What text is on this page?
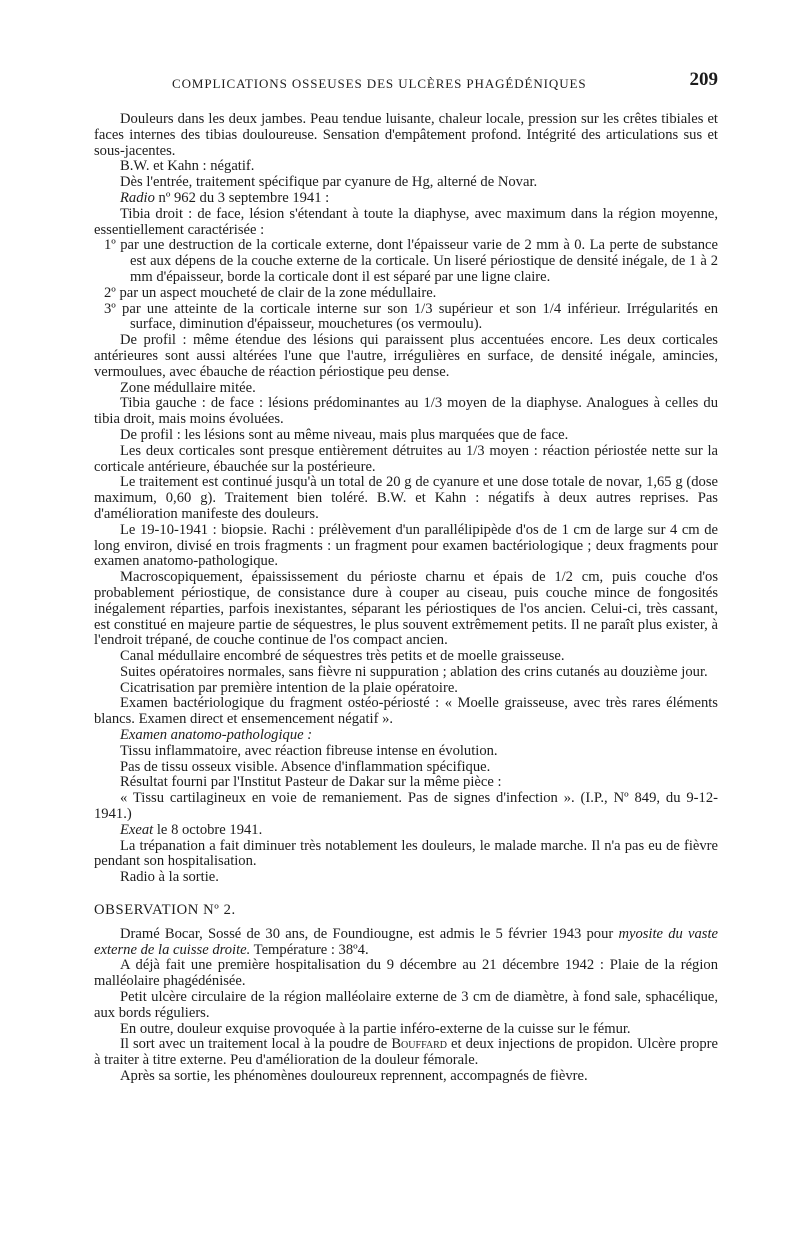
COMPLICATIONS OSSEUSES DES ULCÈRES PHAGÉDÉNIQUES	209

Douleurs dans les deux jambes. Peau tendue luisante, chaleur locale, pression sur les crêtes tibiales et faces internes des tibias douloureuse. Sensation d'empâtement profond. Intégrité des articulations sus et sous-jacentes.

B.W. et Kahn : négatif.

Dès l'entrée, traitement spécifique par cyanure de Hg, alterné de Novar.

Radio nº 962 du 3 septembre 1941 :

Tibia droit : de face, lésion s'étendant à toute la diaphyse, avec maximum dans la région moyenne, essentiellement caractérisée :

1º par une destruction de la corticale externe, dont l'épaisseur varie de 2 mm à 0. La perte de substance est aux dépens de la couche externe de la corticale. Un liseré périostique de densité inégale, de 1 à 2 mm d'épaisseur, borde la corticale dont il est séparé par une ligne claire.

2º par un aspect moucheté de clair de la zone médullaire.

3º par une atteinte de la corticale interne sur son 1/3 supérieur et son 1/4 inférieur. Irrégularités en surface, diminution d'épaisseur, mouchetures (os vermoulu).

De profil : même étendue des lésions qui paraissent plus accentuées encore. Les deux corticales antérieures sont aussi altérées l'une que l'autre, irrégulières en surface, de densité inégale, amincies, vermoulues, avec ébauche de réaction périostique peu dense.

Zone médullaire mitée.

Tibia gauche : de face : lésions prédominantes au 1/3 moyen de la diaphyse. Analogues à celles du tibia droit, mais moins évoluées.

De profil : les lésions sont au même niveau, mais plus marquées que de face.

Les deux corticales sont presque entièrement détruites au 1/3 moyen : réaction périostée nette sur la corticale antérieure, ébauchée sur la postérieure.

Le traitement est continué jusqu'à un total de 20 g de cyanure et une dose totale de novar, 1,65 g (dose maximum, 0,60 g). Traitement bien toléré. B.W. et Kahn : négatifs à deux autres reprises. Pas d'amélioration manifeste des douleurs.

Le 19-10-1941 : biopsie. Rachi : prélèvement d'un parallélipipède d'os de 1 cm de large sur 4 cm de long environ, divisé en trois fragments : un fragment pour examen bactériologique ; deux fragments pour examen anatomo-pathologique.

Macroscopiquement, épaississement du périoste charnu et épais de 1/2 cm, puis couche d'os probablement périostique, de consistance dure à couper au ciseau, puis couche mince de fongosités inégalement réparties, parfois inexistantes, séparant les périostiques de l'os ancien. Celui-ci, très cassant, est constitué en majeure partie de séquestres, le plus souvent extrêmement petits. Il ne paraît plus exister, à l'endroit trépané, de couche continue de l'os compact ancien.

Canal médullaire encombré de séquestres très petits et de moelle graisseuse.

Suites opératoires normales, sans fièvre ni suppuration ; ablation des crins cutanés au douzième jour.

Cicatrisation par première intention de la plaie opératoire.

Examen bactériologique du fragment ostéo-périosté : « Moelle graisseuse, avec très rares éléments blancs. Examen direct et ensemencement négatif ».

Examen anatomo-pathologique :

Tissu inflammatoire, avec réaction fibreuse intense en évolution.

Pas de tissu osseux visible. Absence d'inflammation spécifique.

Résultat fourni par l'Institut Pasteur de Dakar sur la même pièce :

« Tissu cartilagineux en voie de remaniement. Pas de signes d'infection ». (I.P., Nº 849, du 9-12-1941.)

Exeat le 8 octobre 1941.

La trépanation a fait diminuer très notablement les douleurs, le malade marche. Il n'a pas eu de fièvre pendant son hospitalisation.

Radio à la sortie.

OBSERVATION Nº 2.

Dramé Bocar, Sossé de 30 ans, de Foundiougne, est admis le 5 février 1943 pour myosite du vaste externe de la cuisse droite. Température : 38º4.

A déjà fait une première hospitalisation du 9 décembre au 21 décembre 1942 : Plaie de la région malléolaire phagédénisée.

Petit ulcère circulaire de la région malléolaire externe de 3 cm de diamètre, à fond sale, sphacélique, aux bords réguliers.

En outre, douleur exquise provoquée à la partie inféro-externe de la cuisse sur le fémur.

Il sort avec un traitement local à la poudre de Bouffard et deux injections de propidon. Ulcère propre à traiter à titre externe. Peu d'amélioration de la douleur fémorale.

Après sa sortie, les phénomènes douloureux reprennent, accompagnés de fièvre.
